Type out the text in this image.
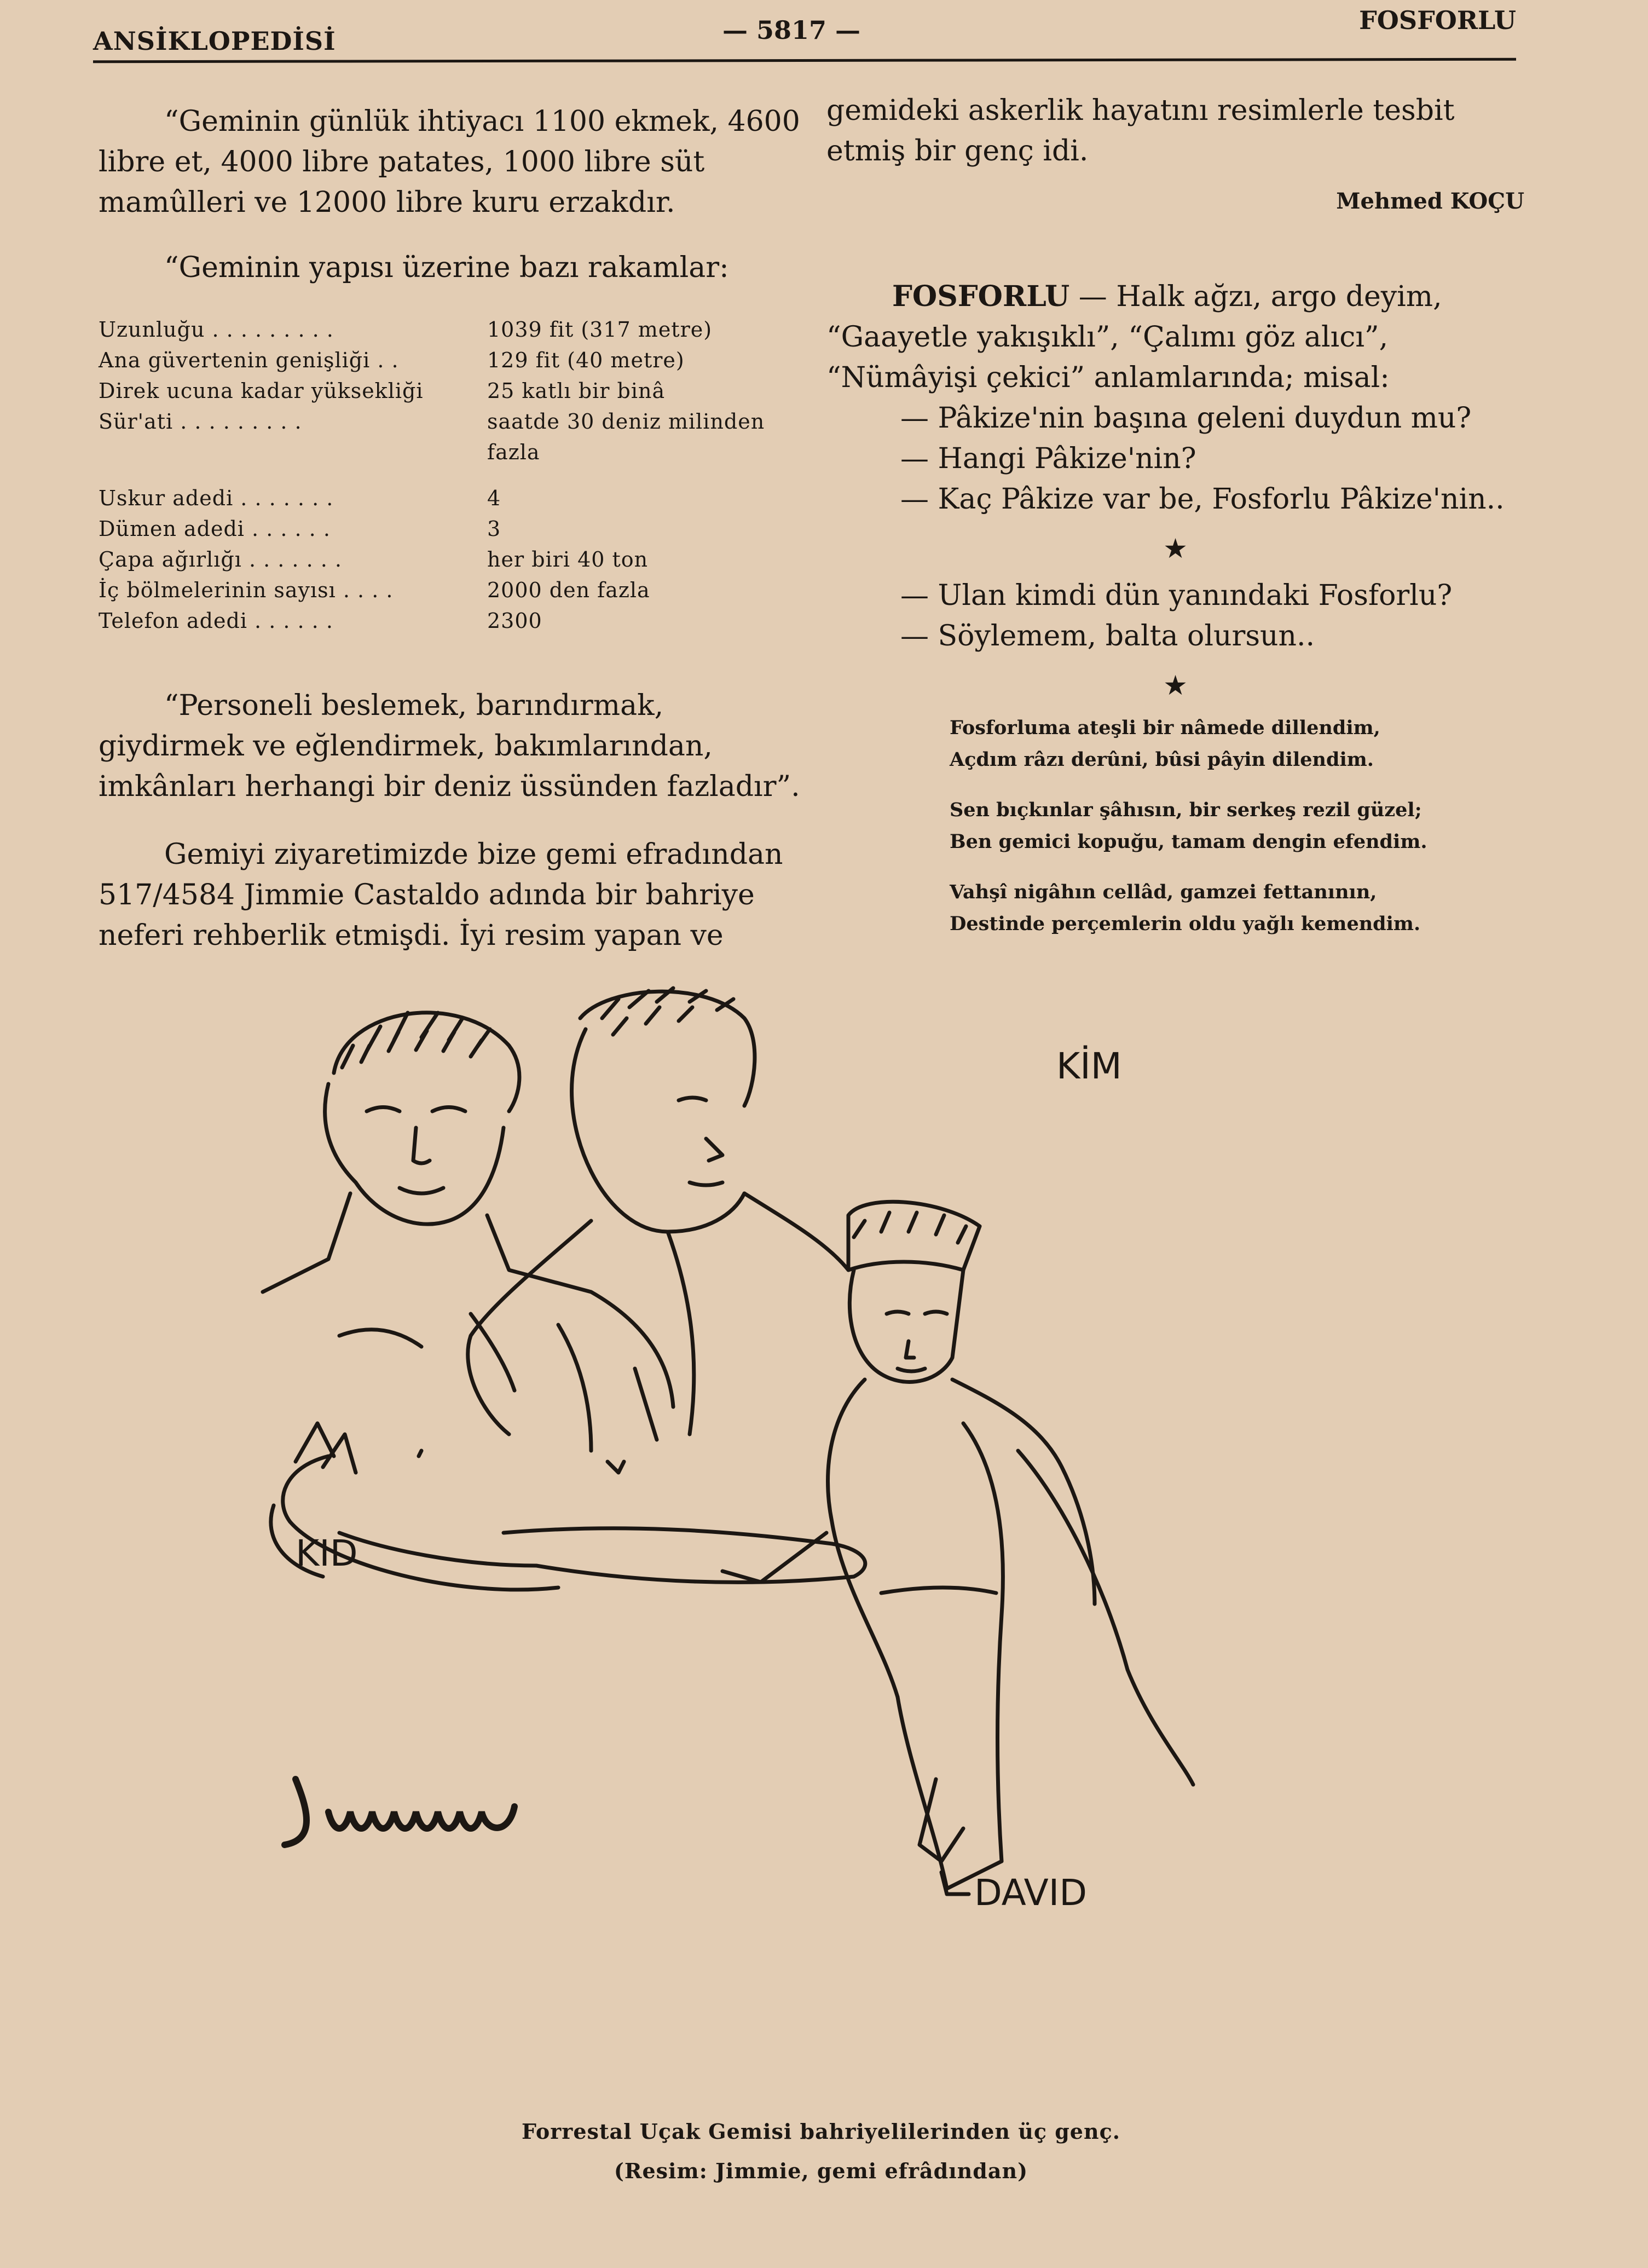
ANSİKLOPEDİSİ	— 5817 —	FOSFORLU

“Geminin günlük ihtiyacı 1100 ekmek, 4600 libre et, 4000 libre patates, 1000 libre süt mamûlleri ve 12000 libre kuru erzakdır.

“Geminin yapısı üzerine bazı rakamlar:

Uzunluğu . . . . . . . . .	1039 fit (317 metre)
Ana güvertenin genişliği . .	129 fit (40 metre)
Direk ucuna kadar yüksekliği	25 katlı bir binâ
Sür'ati . . . . . . . . .	saatde 30 deniz milinden fazla
Uskur adedi . . . . . . .	4
Dümen adedi . . . . . .	3
Çapa ağırlığı . . . . . . .	her biri 40 ton
İç bölmelerinin sayısı . . . .	2000 den fazla
Telefon adedi . . . . . .	2300

“Personeli beslemek, barındırmak, giydirmek ve eğlendirmek, bakımlarından, imkânları herhangi bir deniz üssünden fazladır”.

Gemiyi ziyaretimizde bize gemi efradından 517/4584 Jimmie Castaldo adında bir bahriye neferi rehberlik etmişdi. İyi resim yapan ve

gemideki askerlik hayatını resimlerle tesbit etmiş bir genç idi.

Mehmed KOÇU

FOSFORLU — Halk ağzı, argo deyim, “Gaayetle yakışıklı”, “Çalımı göz alıcı”, “Nümâyişi çekici” anlamlarında; misal:

— Pâkize'nin başına geleni duydun mu?

— Hangi Pâkize'nin?

— Kaç Pâkize var be, Fosforlu Pâkize'nin..

★

— Ulan kimdi dün yanındaki Fosforlu?

— Söylemem, balta olursun..

★

Fosforluma ateşli bir nâmede dillendim,

Açdım râzı derûni, bûsi pâyin dilendim.

Sen bıçkınlar şâhısın, bir serkeş rezil güzel;

Ben gemici kopuğu, tamam dengin efendim.

Vahşî nigâhın cellâd, gamzei fettanının,

Destinde perçemlerin oldu yağlı kemendim.

KİM
KID
DAVID
Forrestal Uçak Gemisi bahriyelilerinden üç genç.
(Resim: Jimmie, gemi efrâdından)
